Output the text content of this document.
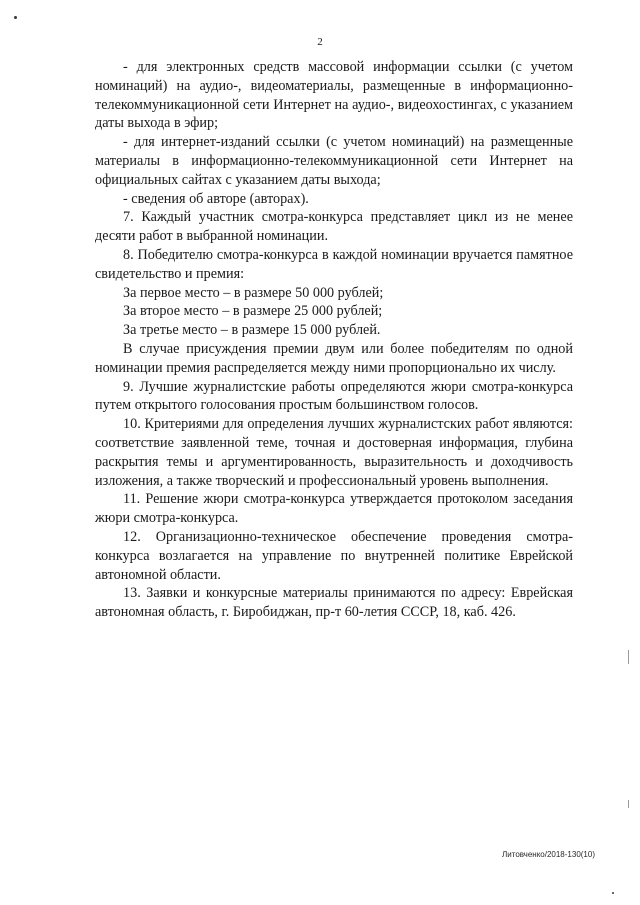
2

- для электронных средств массовой информации ссылки (с учетом номинаций) на аудио-, видеоматериалы, размещенные в информационно-телекоммуникационной сети Интернет на аудио-, видеохостингах, с указанием даты выхода в эфир;

- для интернет-изданий ссылки (с учетом номинаций) на размещенные материалы в информационно-телекоммуникационной сети Интернет на официальных сайтах с указанием даты выхода;

- сведения об авторе (авторах).

7. Каждый участник смотра-конкурса представляет цикл из не менее десяти работ в выбранной номинации.

8. Победителю смотра-конкурса в каждой номинации вручается памятное свидетельство и премия:

За первое место – в размере 50 000 рублей;

За второе место – в размере 25 000 рублей;

За третье место – в размере 15 000 рублей.

В случае присуждения премии двум или более победителям по одной номинации премия распределяется между ними пропорционально их числу.

9. Лучшие журналистские работы определяются жюри смотра-конкурса путем открытого голосования простым большинством голосов.

10. Критериями для определения лучших журналистских работ являются: соответствие заявленной теме, точная и достоверная информация, глубина раскрытия темы и аргументированность, выразительность и доходчивость изложения, а также творческий и профессиональный уровень выполнения.

11. Решение жюри смотра-конкурса утверждается протоколом заседания жюри смотра-конкурса.

12. Организационно-техническое обеспечение проведения смотра-конкурса возлагается на управление по внутренней политике Еврейской автономной области.

13. Заявки и конкурсные материалы принимаются по адресу: Еврейская автономная область, г. Биробиджан, пр-т 60-летия СССР, 18, каб. 426.

Литовченко/2018-130(10)
